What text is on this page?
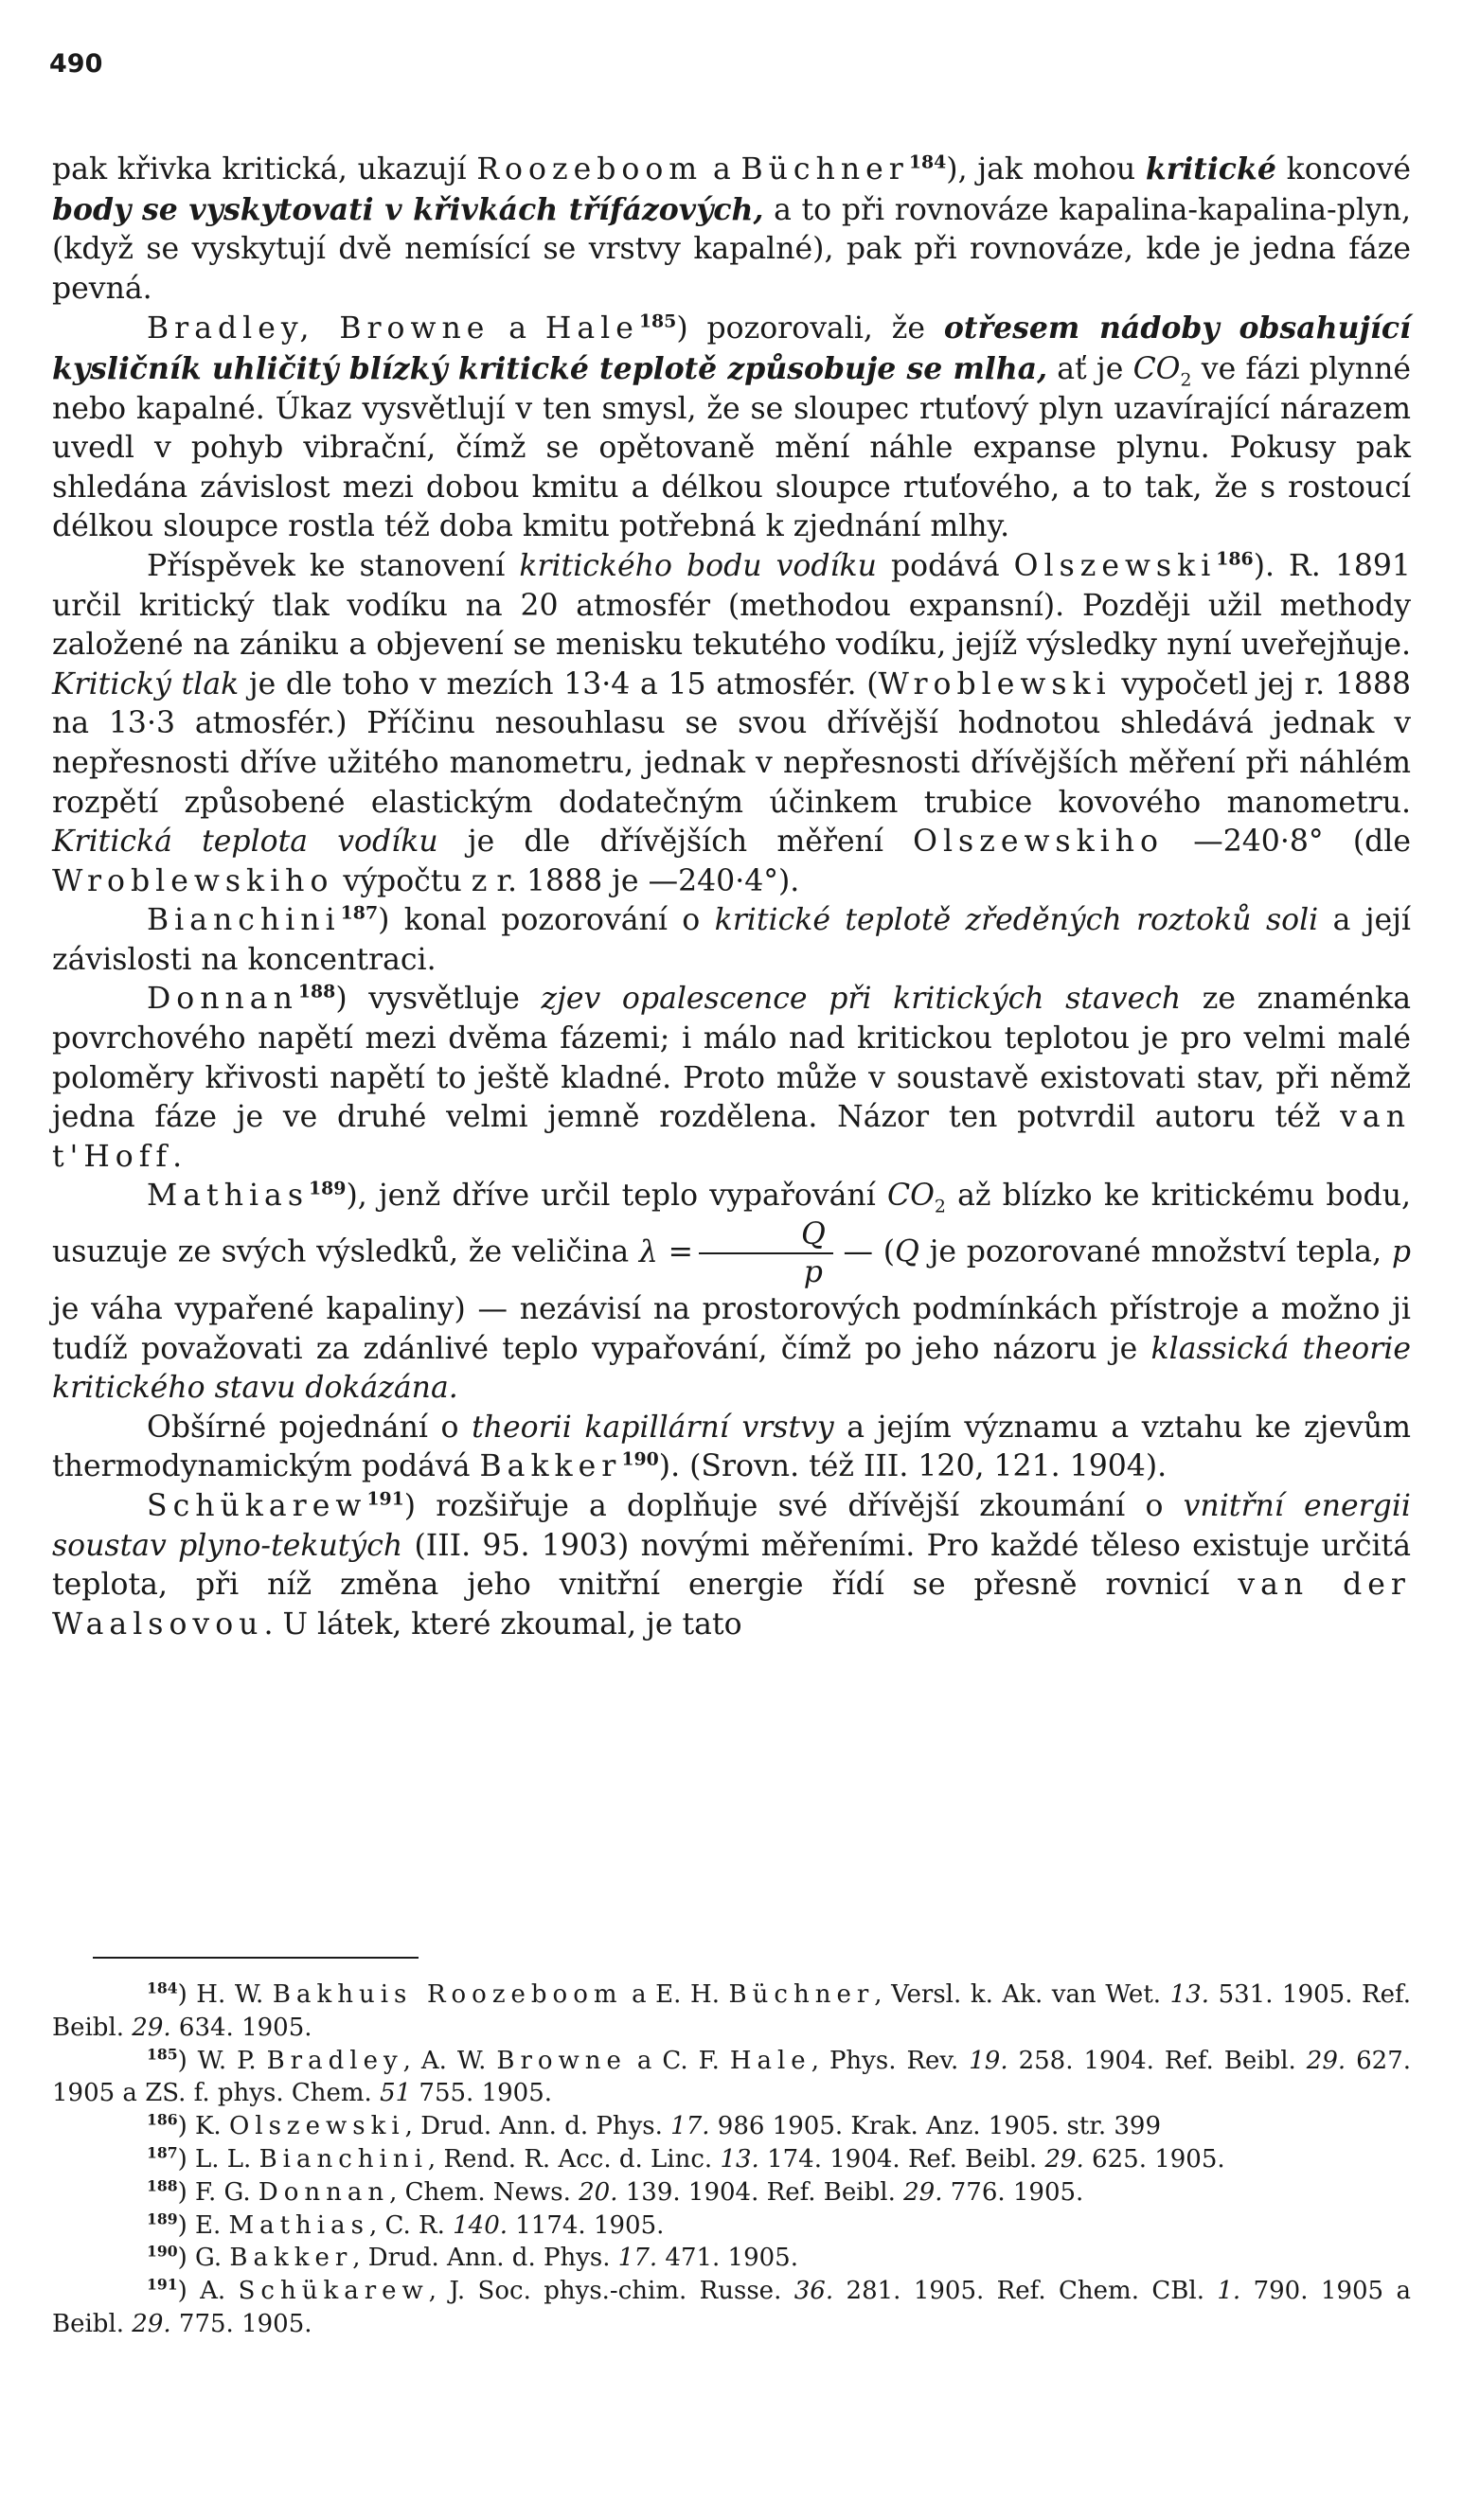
490

pak křivka kritická, ukazují Roozeboom a Büchner$^{184}$), jak mohou kritické koncové body se vyskytovati v křivkách třífázových, a to při rovnováze kapalina-kapalina-plyn, (když se vyskytují dvě nemísící se vrstvy kapalné), pak při rovnováze, kde je jedna fáze pevná.

Bradley, Browne a Hale$^{185}$) pozorovali, že otřesem nádoby obsahující kysličník uhličitý blízký kritické teplotě způsobuje se mlha, ať je $CO_2$ ve fázi plynné nebo kapalné. Úkaz vysvětlují v ten smysl, že se sloupec rtuťový plyn uzavírající nárazem uvedl v pohyb vibrační, čímž se opětovaně mění náhle expanse plynu. Pokusy pak shledána závislost mezi dobou kmitu a délkou sloupce rtuťového, a to tak, že s rostoucí délkou sloupce rostla též doba kmitu potřebná k zjednání mlhy.

Příspěvek ke stanovení kritického bodu vodíku podává Olszewski$^{186}$). R. 1891 určil kritický tlak vodíku na 20 atmosfér (methodou expansní). Později užil methody založené na zániku a objevení se menisku tekutého vodíku, jejíž výsledky nyní uveřejňuje. Kritický tlak je dle toho v mezích 13·4 a 15 atmosfér. (Wroblewski vypočetl jej r. 1888 na 13·3 atmosfér.) Příčinu nesouhlasu se svou dřívější hodnotou shledává jednak v nepřesnosti dříve užitého manometru, jednak v nepřesnosti dřívějších měření při náhlém rozpětí způsobené elastickým dodatečným účinkem trubice kovového manometru. Kritická teplota vodíku je dle dřívějších měření Olszewskiho —240·8° (dle Wroblewskiho výpočtu z r. 1888 je —240·4°).

Bianchini$^{187}$) konal pozorování o kritické teplotě zředěných roztoků soli a její závislosti na koncentraci.

Donnan$^{188}$) vysvětluje zjev opalescence při kritických stavech ze znaménka povrchového napětí mezi dvěma fázemi; i málo nad kritickou teplotou je pro velmi malé poloměry křivosti napětí to ještě kladné. Proto může v soustavě existovati stav, při němž jedna fáze je ve druhé velmi jemně rozdělena. Názor ten potvrdil autoru též van t'Hoff.

Mathias$^{189}$), jenž dříve určil teplo vypařování $CO_2$ až blízko ke kritickému bodu, usuzuje ze svých výsledků, že veličina $\lambda = \frac{Q}{p}$ — (Q je pozorované množství tepla, p je váha vypařené kapaliny) — nezávisí na prostorových podmínkách přístroje a možno ji tudíž považovati za zdánlivé teplo vypařování, čímž po jeho názoru je klassická theorie kritického stavu dokázána.

Obšírné pojednání o theorii kapillární vrstvy a jejím významu a vztahu ke zjevům thermodynamickým podává Bakker$^{190}$). (Srovn. též III. 120, 121. 1904).

Schükarew$^{191}$) rozšiřuje a doplňuje své dřívější zkoumání o vnitřní energii soustav plyno-tekutých (III. 95. 1903) novými měřeními. Pro každé těleso existuje určitá teplota, při níž změna jeho vnitřní energie řídí se přesně rovnicí van der Waalsovou. U látek, které zkoumal, je tato

$^{184}$) H. W. Bakhuis Roozeboom a E. H. Büchner, Versl. k. Ak. van Wet. 13. 531. 1905. Ref. Beibl. 29. 634. 1905.

$^{185}$) W. P. Bradley, A. W. Browne a C. F. Hale, Phys. Rev. 19. 258. 1904. Ref. Beibl. 29. 627. 1905 a ZS. f. phys. Chem. 51 755. 1905.

$^{186}$) K. Olszewski, Drud. Ann. d. Phys. 17. 986 1905. Krak. Anz. 1905. str. 399

$^{187}$) L. L. Bianchini, Rend. R. Acc. d. Linc. 13. 174. 1904. Ref. Beibl. 29. 625. 1905.

$^{188}$) F. G. Donnan, Chem. News. 20. 139. 1904. Ref. Beibl. 29. 776. 1905.

$^{189}$) E. Mathias, C. R. 140. 1174. 1905.

$^{190}$) G. Bakker, Drud. Ann. d. Phys. 17. 471. 1905.

$^{191}$) A. Schükarew, J. Soc. phys.-chim. Russe. 36. 281. 1905. Ref. Chem. CBl. 1. 790. 1905 a Beibl. 29. 775. 1905.
